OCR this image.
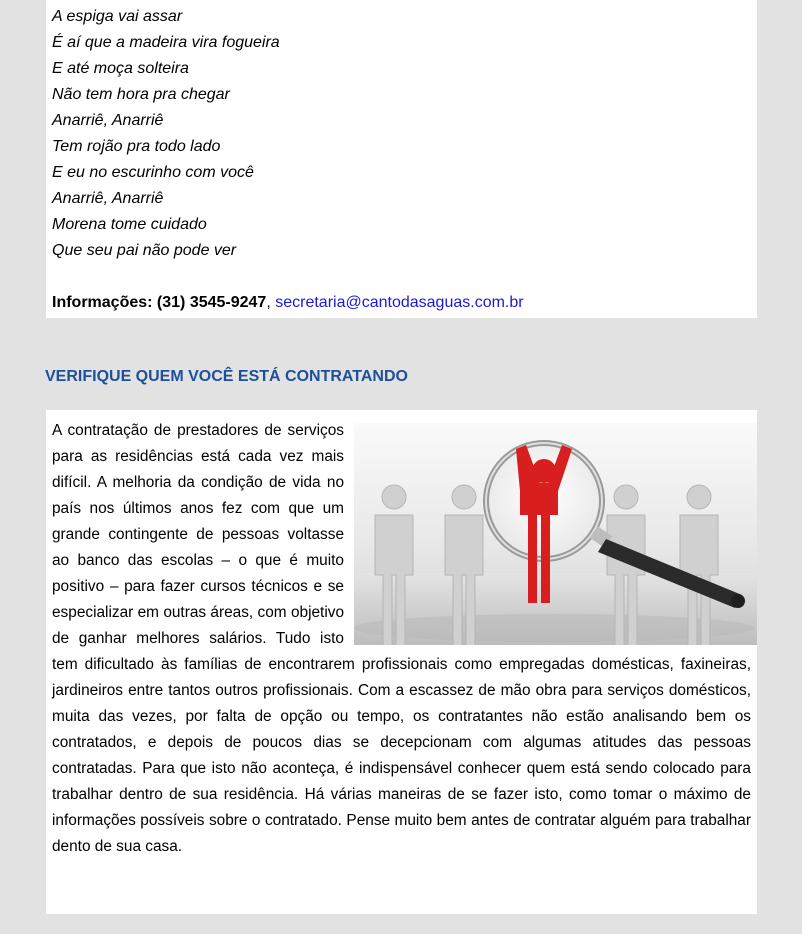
A espiga vai assar

É aí que a madeira vira fogueira

E até moça solteira

Não tem hora pra chegar

Anarriê, Anarriê

Tem rojão pra todo lado

E eu no escurinho com você

Anarriê, Anarriê

Morena tome cuidado

Que seu pai não pode ver

Informações: (31) 3545-9247, secretaria@cantodasaguas.com.br
VERIFIQUE QUEM VOCÊ ESTÁ CONTRATANDO

A contratação de prestadores de serviços para as residências está cada vez mais difícil. A melhoria da condição de vida no país nos últimos anos fez com que um grande contingente de pessoas voltasse ao banco das escolas – o que é muito positivo – para fazer cursos técnicos e se especializar em outras áreas, com objetivo de ganhar melhores salários. Tudo isto tem dificultado às famílias de encontrarem profissionais como empregadas domésticas, faxineiras, jardineiros entre tantos outros profissionais. Com a escassez de mão obra para serviços domésticos, muita das vezes, por falta de opção ou tempo, os contratantes não estão analisando bem os contratados, e depois de poucos dias se decepcionam com algumas atitudes das pessoas contratadas. Para que isto não aconteça, é indispensável conhecer quem está sendo colocado para trabalhar dentro de sua residência. Há várias maneiras de se fazer isto, como tomar o máximo de informações possíveis sobre o contratado. Pense muito bem antes de contratar alguém para trabalhar dento de sua casa.
